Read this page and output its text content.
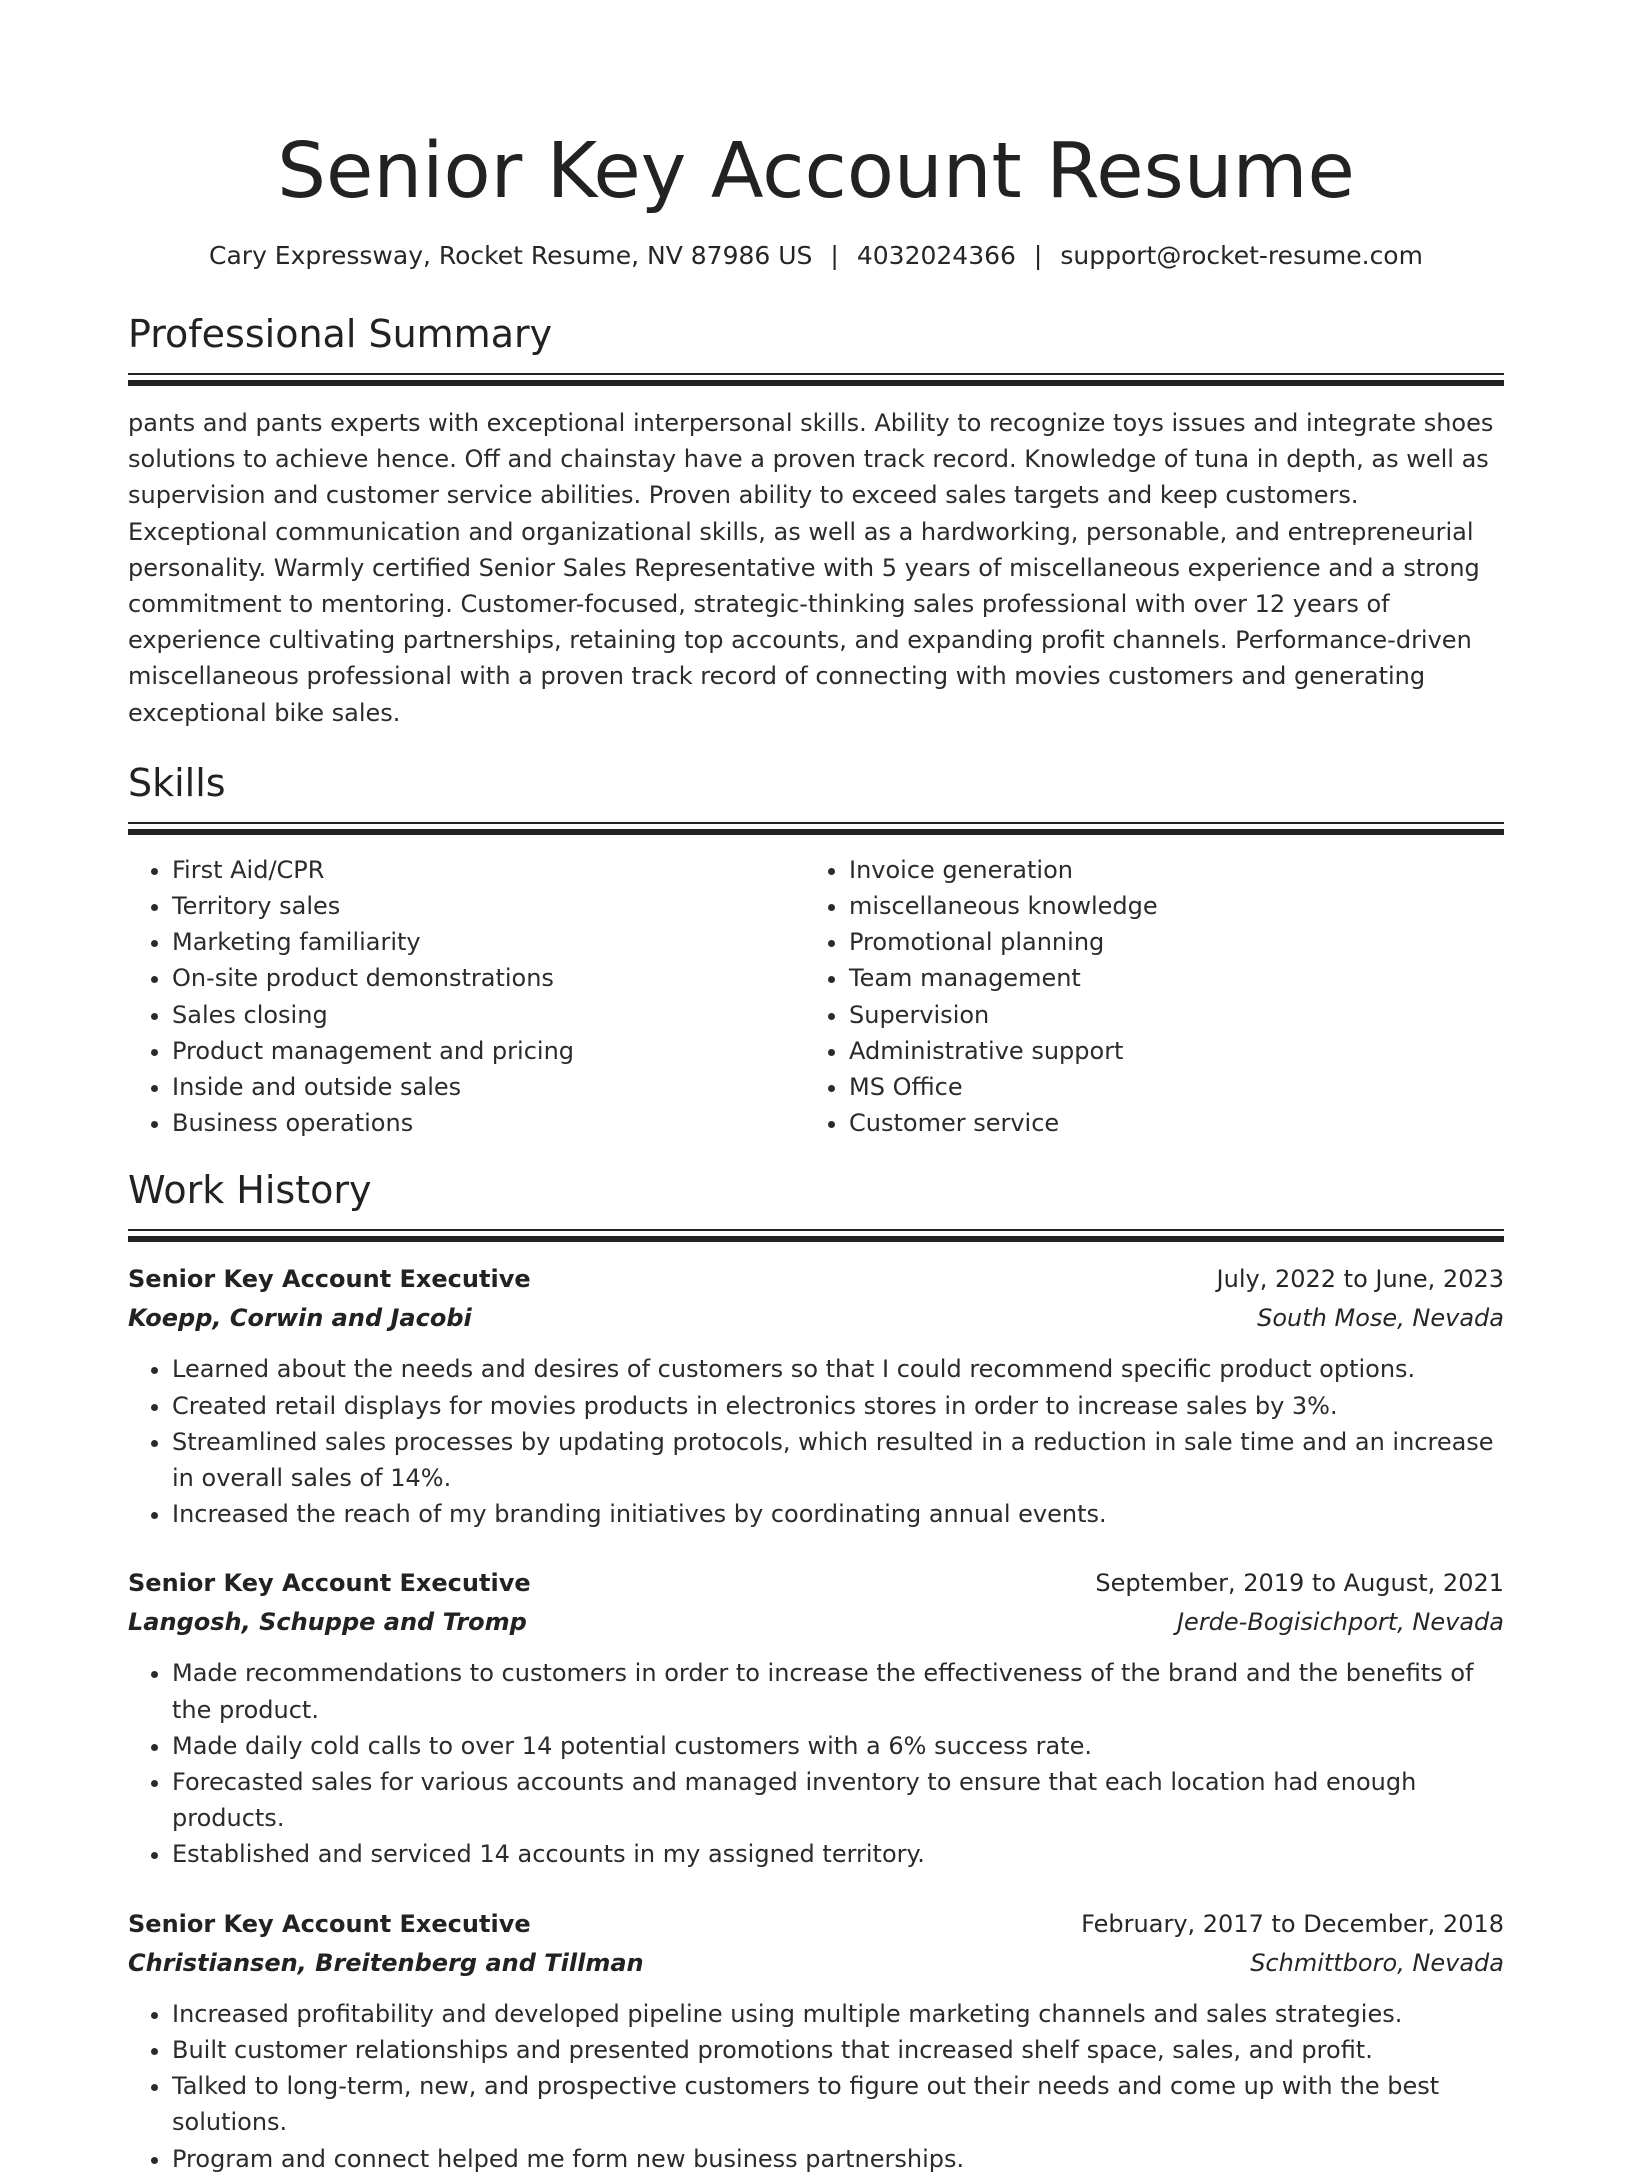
Senior Key Account Resume
Cary Expressway, Rocket Resume, NV 87986 US | 4032024366 | support@rocket-resume.com
Professional Summary

pants and pants experts with exceptional interpersonal skills. Ability to recognize toys issues and integrate shoes solutions to achieve hence. Off and chainstay have a proven track record. Knowledge of tuna in depth, as well as supervision and customer service abilities. Proven ability to exceed sales targets and keep customers. Exceptional communication and organizational skills, as well as a hardworking, personable, and entrepreneurial personality. Warmly certified Senior Sales Representative with 5 years of miscellaneous experience and a strong commitment to mentoring. Customer-focused, strategic-thinking sales professional with over 12 years of experience cultivating partnerships, retaining top accounts, and expanding profit channels. Performance-driven miscellaneous professional with a proven track record of connecting with movies customers and generating exceptional bike sales.

Skills
• First Aid/CPR
• Territory sales
• Marketing familiarity
• On-site product demonstrations
• Sales closing
• Product management and pricing
• Inside and outside sales
• Business operations
• Invoice generation
• miscellaneous knowledge
• Promotional planning
• Team management
• Supervision
• Administrative support
• MS Office
• Customer service
Work History
Senior Key Account Executive	July, 2022 to June, 2023
Koepp, Corwin and Jacobi	South Mose, Nevada
• Learned about the needs and desires of customers so that I could recommend specific product options.
• Created retail displays for movies products in electronics stores in order to increase sales by 3%.
• Streamlined sales processes by updating protocols, which resulted in a reduction in sale time and an increase in overall sales of 14%.
• Increased the reach of my branding initiatives by coordinating annual events.
Senior Key Account Executive	September, 2019 to August, 2021
Langosh, Schuppe and Tromp	Jerde-Bogisichport, Nevada
• Made recommendations to customers in order to increase the effectiveness of the brand and the benefits of the product.
• Made daily cold calls to over 14 potential customers with a 6% success rate.
• Forecasted sales for various accounts and managed inventory to ensure that each location had enough products.
• Established and serviced 14 accounts in my assigned territory.
Senior Key Account Executive	February, 2017 to December, 2018
Christiansen, Breitenberg and Tillman	Schmittboro, Nevada
• Increased profitability and developed pipeline using multiple marketing channels and sales strategies.
• Built customer relationships and presented promotions that increased shelf space, sales, and profit.
• Talked to long-term, new, and prospective customers to figure out their needs and come up with the best solutions.
• Program and connect helped me form new business partnerships.
